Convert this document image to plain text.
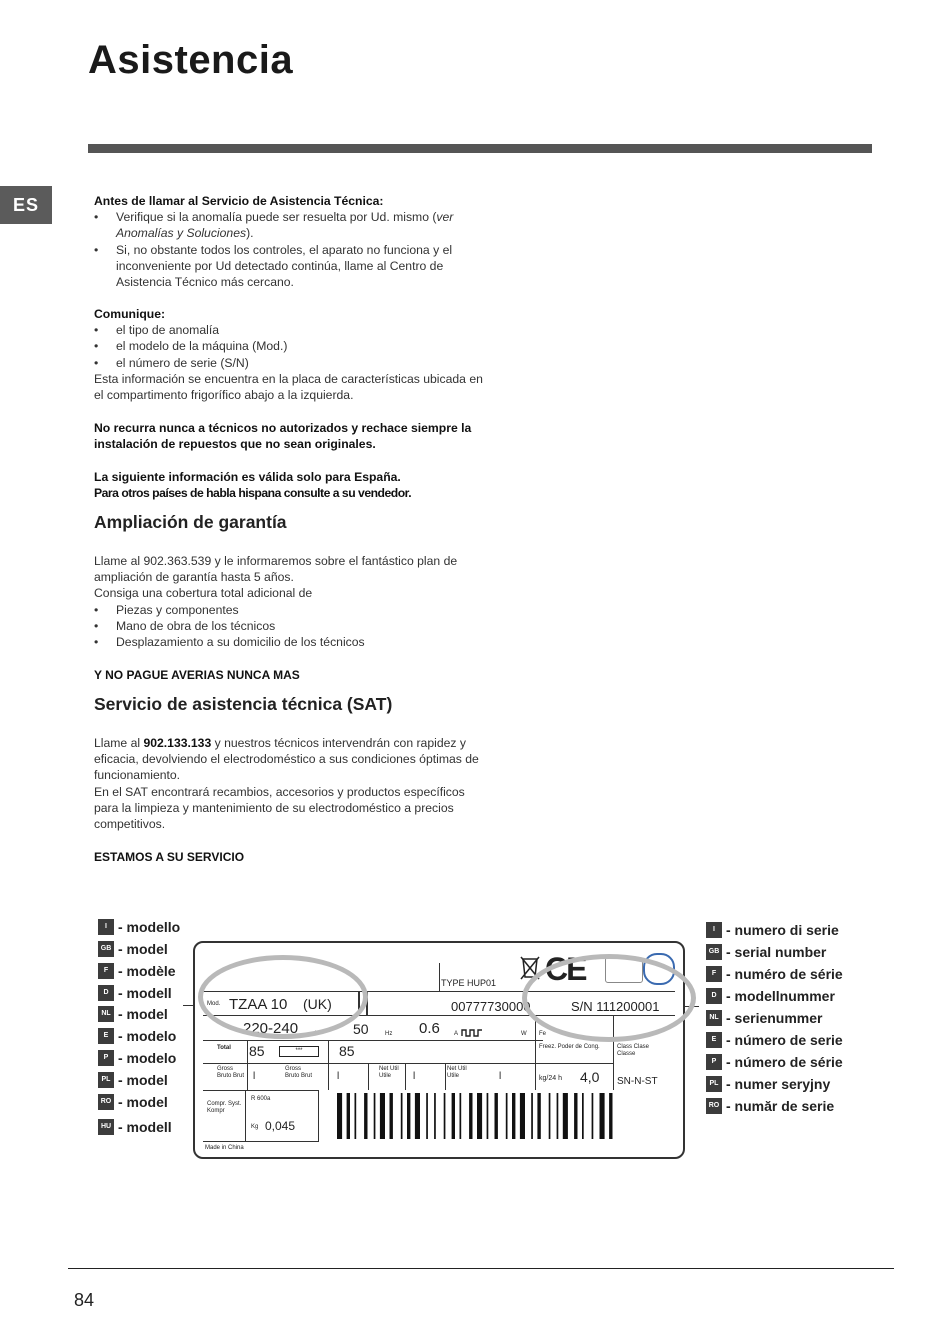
Asistencia
ES	Antes de llamar al Servicio de Asistencia Técnica:

• Verifique si la anomalía puede ser resuelta por Ud. mismo (ver Anomalías y Soluciones).
• Si, no obstante todos los controles, el aparato no funciona y el inconveniente por Ud detectado continúa, llame al Centro de Asistencia Técnico más cercano.

Comunique:

• el tipo de anomalía
• el modelo de la máquina (Mod.)
• el número de serie (S/N)

Esta información se encuentra en la placa de características ubicada en el compartimento frigorífico abajo a la izquierda.

No recurra nunca a técnicos no autorizados y rechace siempre la instalación de repuestos que no sean originales.

La siguiente información es válida solo para España.

Para otros países de habla hispana consulte a su vendedor.

Ampliación de garantía

Llame al 902.363.539 y le informaremos sobre el fantástico plan de ampliación de garantía hasta 5 años.

Consiga una cobertura total adicional de

• Piezas y componentes
• Mano de obra de los técnicos
• Desplazamiento a su domicilio de los técnicos
Y NO PAGUE AVERIAS NUNCA MAS
Servicio de asistencia técnica (SAT)

Llame al 902.133.133 y nuestros técnicos intervendrán con rapidez y eficacia, devolviendo el electrodoméstico a sus condiciones óptimas de funcionamiento.

En el SAT encontrará recambios, accesorios y productos específicos para la limpieza y mantenimiento de su electrodoméstico a precios competitivos.

ESTAMOS A SU SERVICIO
I - modello
GB - model
F - modèle
D - modell
NL - model
E - modelo
P - modelo
PL - model
RO - model
HU - modell
I - numero di serie
GB - serial number
F - numéro de série
D - modellnummer
NL - serienummer
E - número de serie
P - número de série
PL - numer seryjny
RO - număr de serie
TYPE HUP01 CE
Mod. TZAA 10 (UK)	00777730000	S/N 111200001
220-240	V~ 50	Hz 0.6 A	W Fe
Total 85	***	85
Gross Bruto Brut l
Gross Bruto Brut l
Net Util Utile	l
Net Util Utile	l
Freez. Poder de Cong.
kg/24 h 4,0
Class Clase Classe
SN-N-ST
Compr. Syst. Kompr
R 600a
Kg 0,045
Made in China
84
